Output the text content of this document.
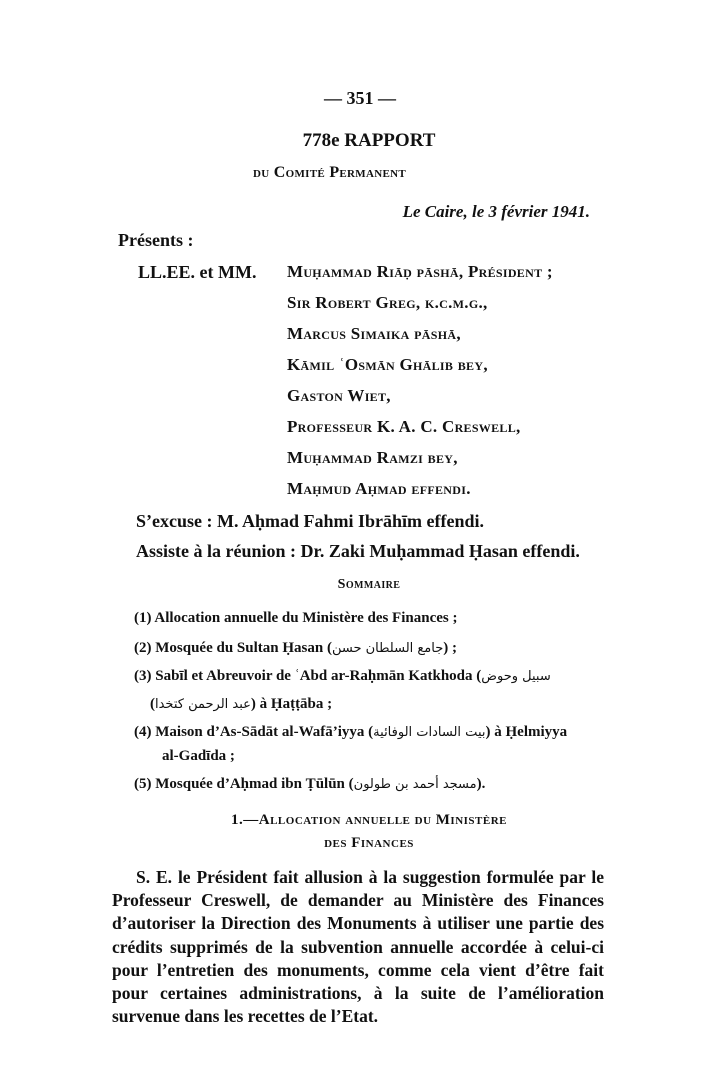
— 351 —
778e RAPPORT
du Comité Permanent
Le Caire, le 3 février 1941.
Présents :
LL.EE. et MM. Muḥammad Riāḍ pāshā, Président ;
Sir Robert Greg, k.c.m.g.,
Marcus Simaika pāshā,
Kāmil ʿOsmān Ghālib bey,
Gaston Wiet,
Professeur K. A. C. Creswell,
Muḥammad Ramzi bey,
Maḥmud Aḥmad effendi.
S’excuse : M. Aḥmad Fahmi Ibrāhīm effendi.
Assiste à la réunion : Dr. Zaki Muḥammad Ḥasan effendi.
Sommaire
(1) Allocation annuelle du Ministère des Finances ;
(2) Mosquée du Sultan Ḥasan (جامع السلطان حسن) ;
(3) Sabīl et Abreuvoir de ʿAbd ar-Raḥmān Katkhoda (سبيل وحوض
(عبد الرحمن كتخدا) à Ḥaṭṭāba ;
(4) Maison d’As-Sādāt al-Wafā’iyya (بيت السادات الوفائية) à Ḥelmiyya
al-Gadīda ;
(5) Mosquée d’Aḥmad ibn Ṭūlūn (مسجد أحمد بن طولون).
1.—Allocation annuelle du Ministère
des Finances
S. E. le Président fait allusion à la suggestion formulée par le Professeur Creswell, de demander au Ministère des Finances d’autoriser la Direction des Monuments à utiliser une partie des crédits supprimés de la subvention annuelle accordée à celui-ci pour l’entretien des monuments, comme cela vient d’être fait pour certaines administrations, à la suite de l’amélioration survenue dans les recettes de l’Etat.
